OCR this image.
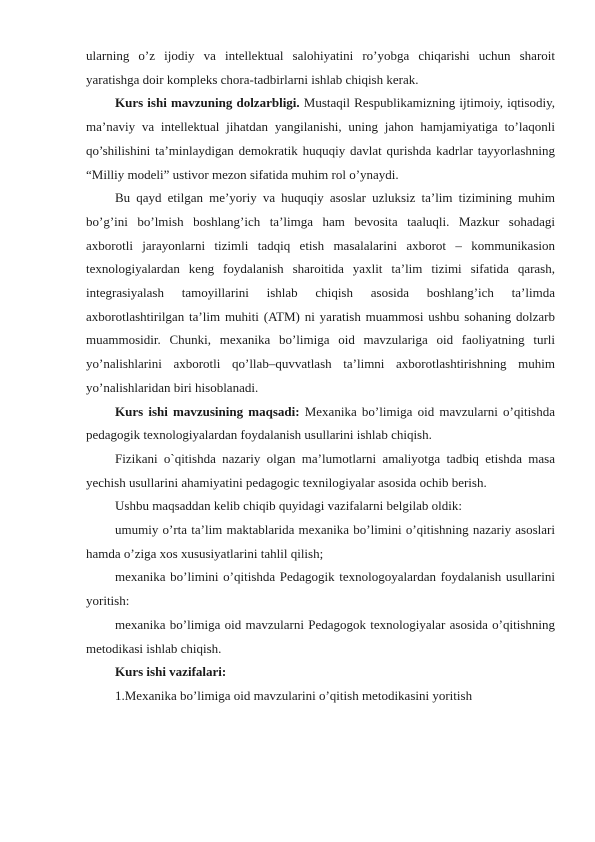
ularning o’z ijodiy va intellektual salohiyatini ro’yobga chiqarishi uchun sharoit yaratishga doir kompleks chora-tadbirlarni ishlab chiqish kerak.

Kurs ishi mavzuning dolzarbligi. Mustaqil Respublikamizning ijtimoiy, iqtisodiy, ma’naviy va intellektual jihatdan yangilanishi, uning jahon hamjamiyatiga to’laqonli qo’shilishini ta’minlaydigan demokratik huquqiy davlat qurishda kadrlar tayyorlashning “Milliy modeli” ustivor mezon sifatida muhim rol o’ynaydi.

Bu qayd etilgan me’yoriy va huquqiy asoslar uzluksiz ta’lim tizimining muhim bo’g’ini bo’lmish boshlang’ich ta’limga ham bevosita taaluqli. Mazkur sohadagi axborotli jarayonlarni tizimli tadqiq etish masalalarini axborot – kommunikasion texnologiyalardan keng foydalanish sharoitida yaxlit ta’lim tizimi sifatida qarash, integrasiyalash tamoyillarini ishlab chiqish asosida boshlang’ich ta’limda axborotlashtirilgan ta’lim muhiti (ATM) ni yaratish muammosi ushbu sohaning dolzarb muammosidir. Chunki, mexanika bo’limiga oid mavzulariga oid faoliyatning turli yo’nalishlarini axborotli qo’llab–quvvatlash ta’limni axborotlashtirishning muhim yo’nalishlaridan biri hisoblanadi.

Kurs ishi mavzusining maqsadi: Mexanika bo’limiga oid mavzularni o’qitishda pedagogik texnologiyalardan foydalanish usullarini ishlab chiqish.

Fizikani o`qitishda nazariy olgan ma’lumotlarni amaliyotga tadbiq etishda masa yechish usullarini ahamiyatini pedagogic texnilogiyalar asosida ochib berish.

Ushbu maqsaddan kelib chiqib quyidagi vazifalarni belgilab oldik:

umumiy o’rta ta’lim maktablarida mexanika bo’limini o’qitishning nazariy asoslari hamda o’ziga xos xususiyatlarini tahlil qilish;

mexanika bo’limini o’qitishda Pedagogik texnologoyalardan foydalanish usullarini yoritish:

mexanika bo’limiga oid mavzularni Pedagogok texnologiyalar asosida o’qitishning metodikasi ishlab chiqish.

Kurs ishi vazifalari:

1.Mexanika bo’limiga oid mavzularini o’qitish metodikasini yoritish
